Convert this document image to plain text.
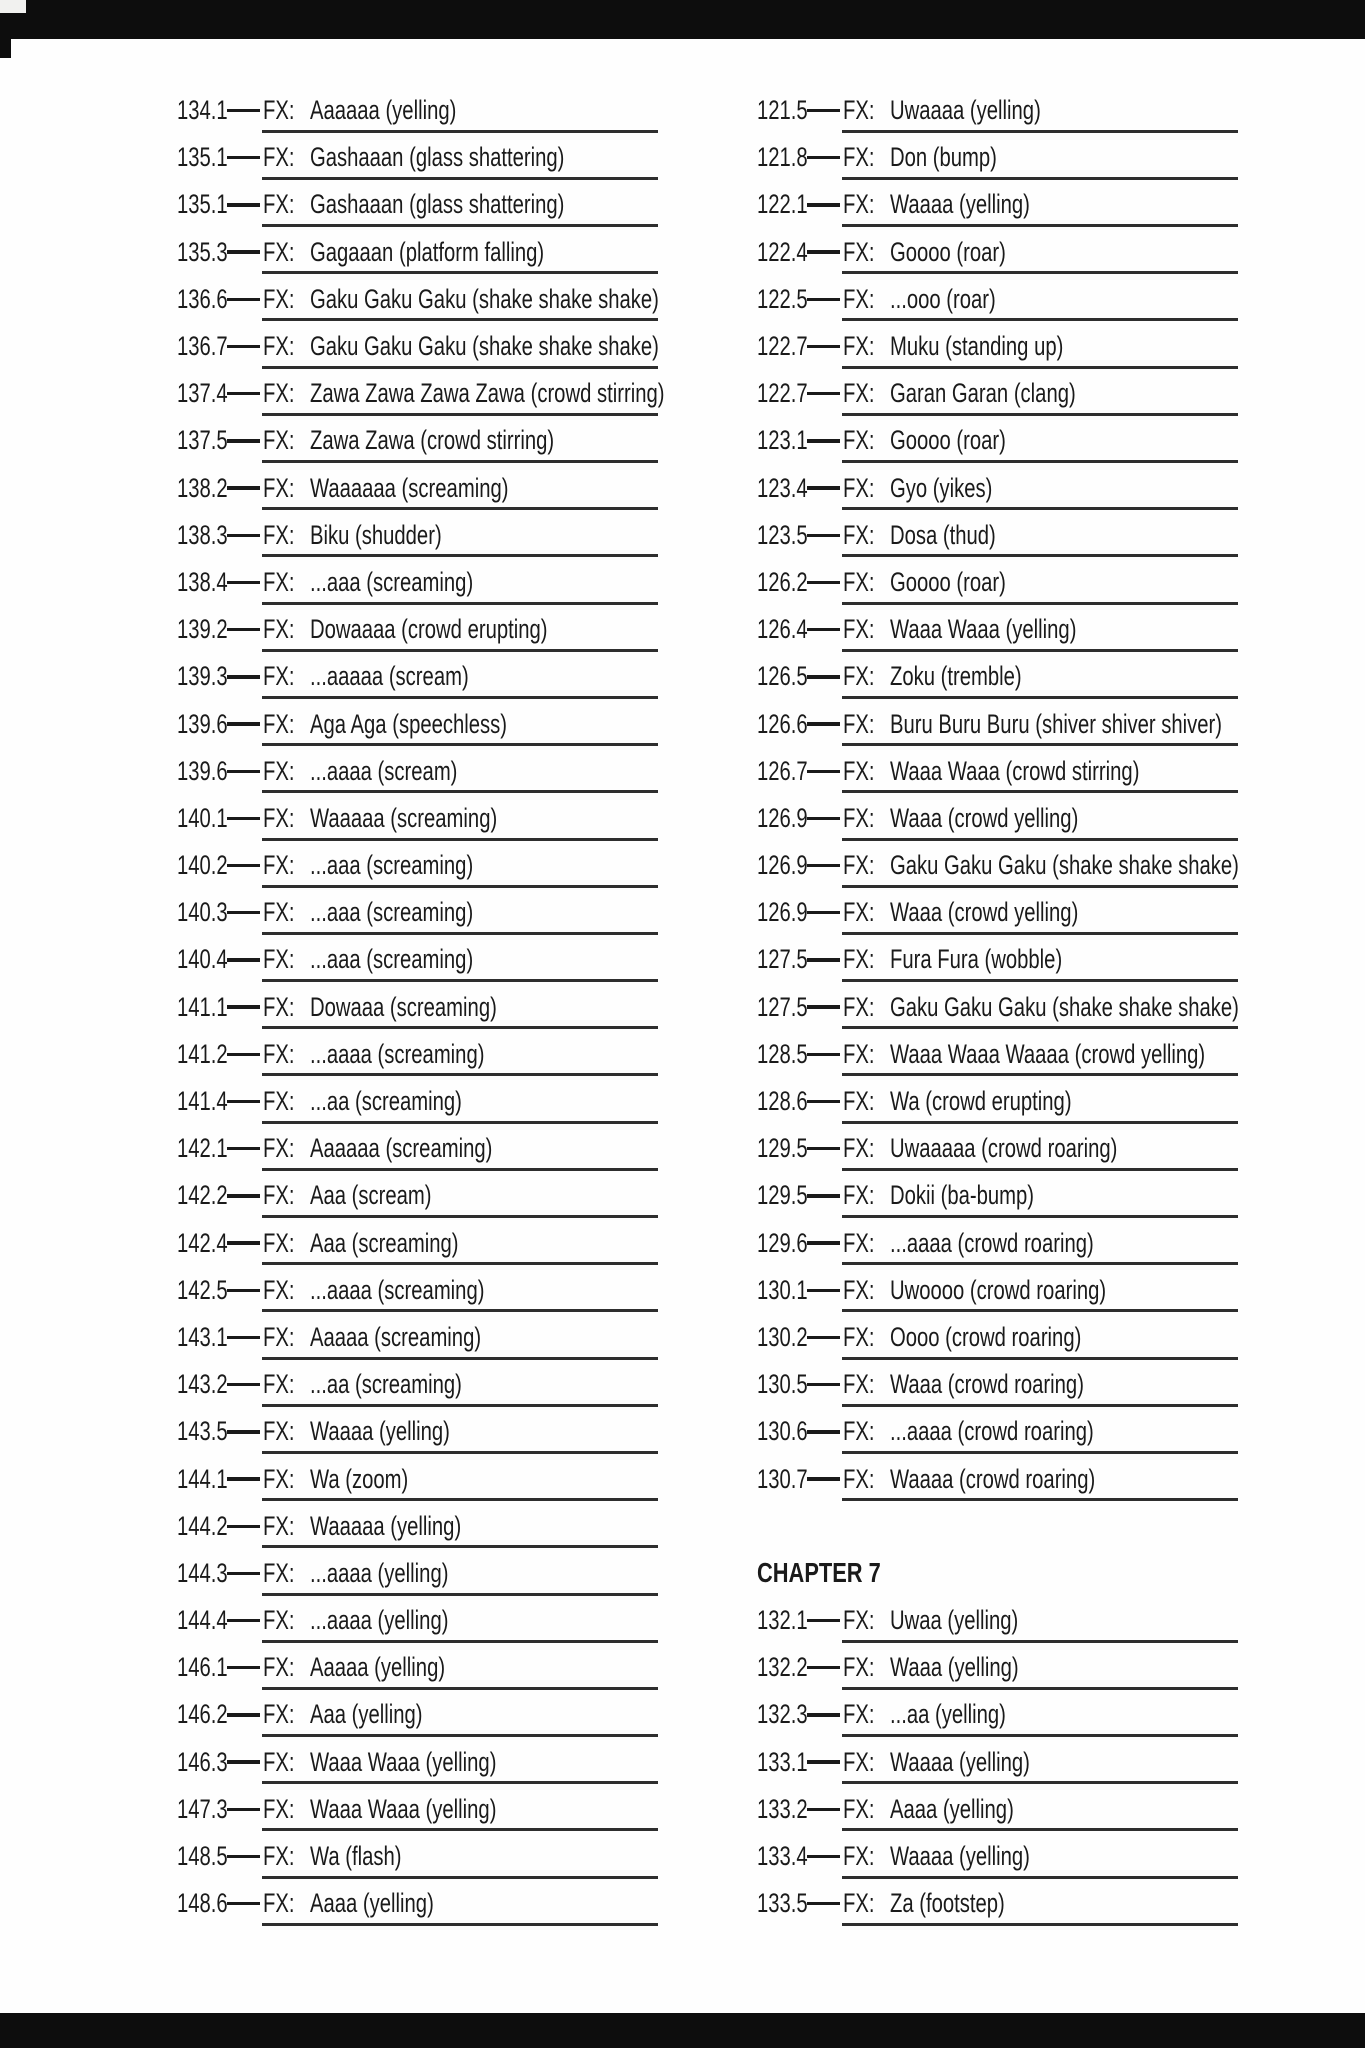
134.1 FX: Aaaaaa (yelling)
135.1 FX: Gashaaan (glass shattering)
135.1 FX: Gashaaan (glass shattering)
135.3 FX: Gagaaan (platform falling)
136.6 FX: Gaku Gaku Gaku (shake shake shake)
136.7 FX: Gaku Gaku Gaku (shake shake shake)
137.4 FX: Zawa Zawa Zawa Zawa (crowd stirring)
137.5 FX: Zawa Zawa (crowd stirring)
138.2 FX: Waaaaaa (screaming)
138.3 FX: Biku (shudder)
138.4 FX: ...aaa (screaming)
139.2 FX: Dowaaaa (crowd erupting)
139.3 FX: ...aaaaa (scream)
139.6 FX: Aga Aga (speechless)
139.6 FX: ...aaaa (scream)
140.1 FX: Waaaaa (screaming)
140.2 FX: ...aaa (screaming)
140.3 FX: ...aaa (screaming)
140.4 FX: ...aaa (screaming)
141.1 FX: Dowaaa (screaming)
141.2 FX: ...aaaa (screaming)
141.4 FX: ...aa (screaming)
142.1 FX: Aaaaaa (screaming)
142.2 FX: Aaa (scream)
142.4 FX: Aaa (screaming)
142.5 FX: ...aaaa (screaming)
143.1 FX: Aaaaa (screaming)
143.2 FX: ...aa (screaming)
143.5 FX: Waaaa (yelling)
144.1 FX: Wa (zoom)
144.2 FX: Waaaaa (yelling)
144.3 FX: ...aaaa (yelling)
144.4 FX: ...aaaa (yelling)
146.1 FX: Aaaaa (yelling)
146.2 FX: Aaa (yelling)
146.3 FX: Waaa Waaa (yelling)
147.3 FX: Waaa Waaa (yelling)
148.5 FX: Wa (flash)
148.6 FX: Aaaa (yelling)
121.5 FX: Uwaaaa (yelling)
121.8 FX: Don (bump)
122.1 FX: Waaaa (yelling)
122.4 FX: Goooo (roar)
122.5 FX: ...ooo (roar)
122.7 FX: Muku (standing up)
122.7 FX: Garan Garan (clang)
123.1 FX: Goooo (roar)
123.4 FX: Gyo (yikes)
123.5 FX: Dosa (thud)
126.2 FX: Goooo (roar)
126.4 FX: Waaa Waaa (yelling)
126.5 FX: Zoku (tremble)
126.6 FX: Buru Buru Buru (shiver shiver shiver)
126.7 FX: Waaa Waaa (crowd stirring)
126.9 FX: Waaa (crowd yelling)
126.9 FX: Gaku Gaku Gaku (shake shake shake)
126.9 FX: Waaa (crowd yelling)
127.5 FX: Fura Fura (wobble)
127.5 FX: Gaku Gaku Gaku (shake shake shake)
128.5 FX: Waaa Waaa Waaaa (crowd yelling)
128.6 FX: Wa (crowd erupting)
129.5 FX: Uwaaaaa (crowd roaring)
129.5 FX: Dokii (ba-bump)
129.6 FX: ...aaaa (crowd roaring)
130.1 FX: Uwoooo (crowd roaring)
130.2 FX: Oooo (crowd roaring)
130.5 FX: Waaa (crowd roaring)
130.6 FX: ...aaaa (crowd roaring)
130.7 FX: Waaaa (crowd roaring)
CHAPTER 7
132.1 FX: Uwaa (yelling)
132.2 FX: Waaa (yelling)
132.3 FX: ...aa (yelling)
133.1 FX: Waaaa (yelling)
133.2 FX: Aaaa (yelling)
133.4 FX: Waaaa (yelling)
133.5 FX: Za (footstep)
